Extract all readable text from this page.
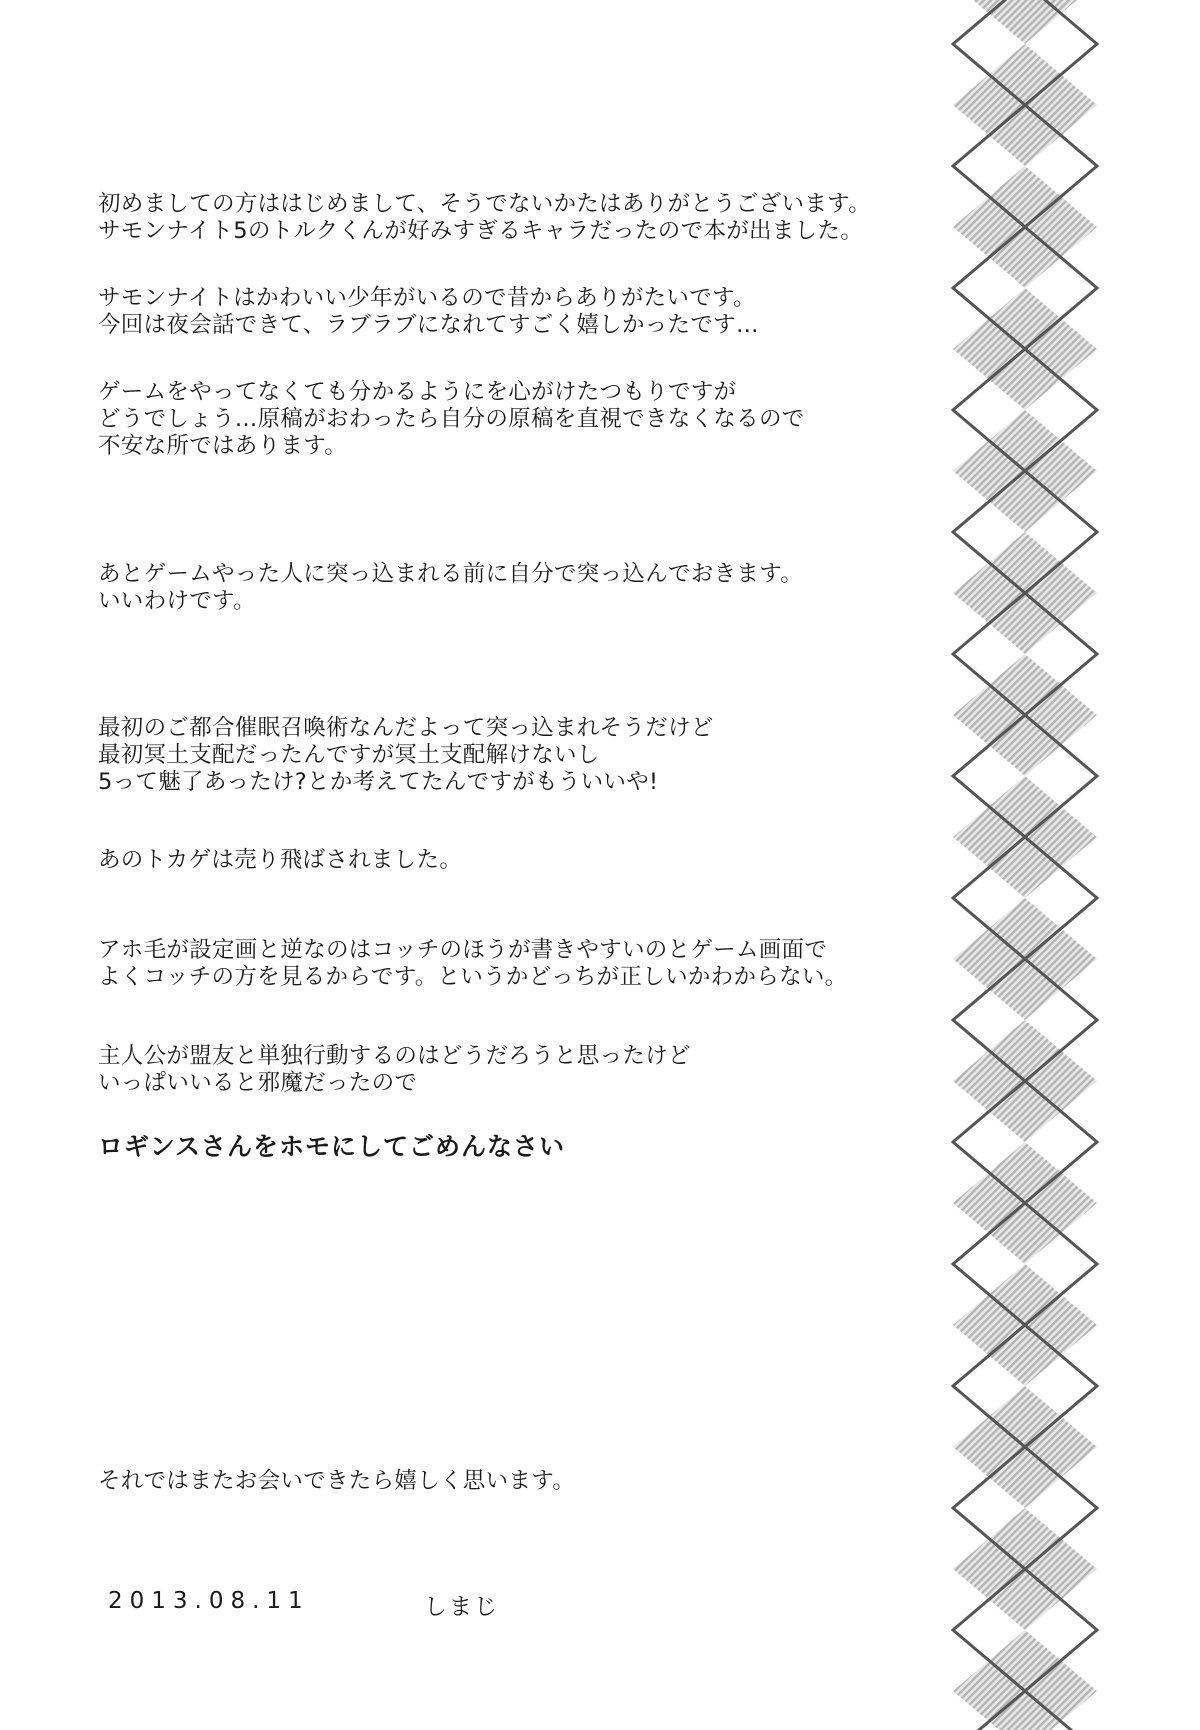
初めましての方ははじめまして、そうでないかたはありがとうございます。
サモンナイト5のトルクくんが好みすぎるキャラだったので本が出ました。
サモンナイトはかわいい少年がいるので昔からありがたいです。
今回は夜会話できて、ラブラブになれてすごく嬉しかったです…
ゲームをやってなくても分かるようにを心がけたつもりですが
どうでしょう…原稿がおわったら自分の原稿を直視できなくなるので
不安な所ではあります。
あとゲームやった人に突っ込まれる前に自分で突っ込んでおきます。
いいわけです。
最初のご都合催眠召喚術なんだよって突っ込まれそうだけど
最初冥土支配だったんですが冥土支配解けないし
5って魅了あったけ?とか考えてたんですがもういいや!
あのトカゲは売り飛ばされました。
アホ毛が設定画と逆なのはコッチのほうが書きやすいのとゲーム画面で
よくコッチの方を見るからです。というかどっちが正しいかわからない。
主人公が盟友と単独行動するのはどうだろうと思ったけど
いっぱいいると邪魔だったので
ロギンスさんをホモにしてごめんなさい
それではまたお会いできたら嬉しく思います。
2013.08.11	しまじ
